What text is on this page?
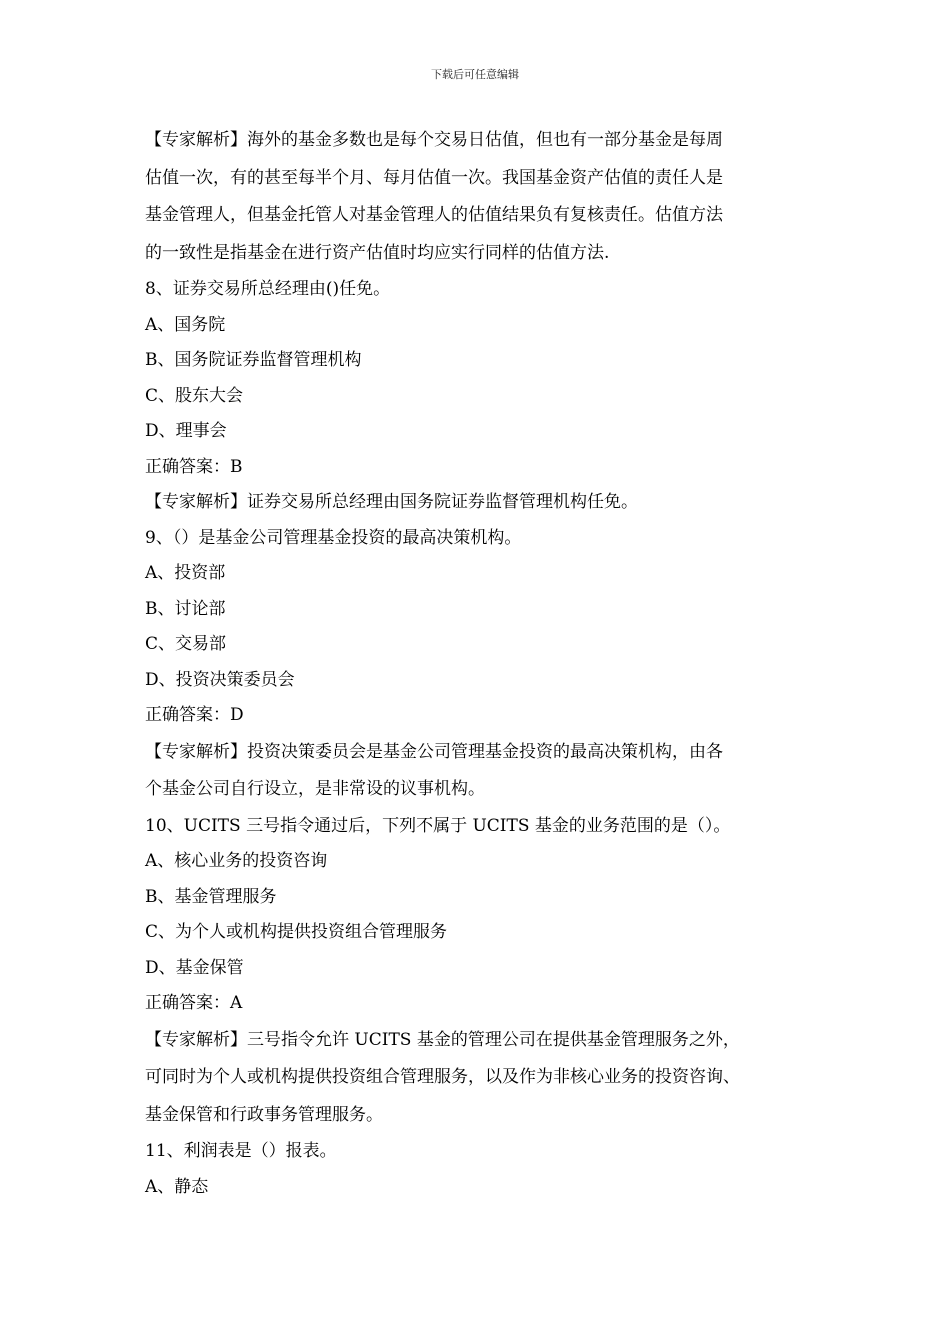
下载后可任意编辑
【专家解析】海外的基金多数也是每个交易日估值，但也有一部分基金是每周
估值一次，有的甚至每半个月、每月估值一次。我国基金资产估值的责任人是
基金管理人，但基金托管人对基金管理人的估值结果负有复核责任。估值方法
的一致性是指基金在进行资产估值时均应实行同样的估值方法.
8、证券交易所总经理由()任免。
A、国务院
B、国务院证券监督管理机构
C、股东大会
D、理事会
正确答案：B
【专家解析】证券交易所总经理由国务院证券监督管理机构任免。
9、（）是基金公司管理基金投资的最高决策机构。
A、投资部
B、讨论部
C、交易部
D、投资决策委员会
正确答案：D
【专家解析】投资决策委员会是基金公司管理基金投资的最高决策机构，由各
个基金公司自行设立，是非常设的议事机构。
10、UCITS 三号指令通过后，下列不属于 UCITS 基金的业务范围的是（）。
A、核心业务的投资咨询
B、基金管理服务
C、为个人或机构提供投资组合管理服务
D、基金保管
正确答案：A
【专家解析】三号指令允许 UCITS 基金的管理公司在提供基金管理服务之外，
可同时为个人或机构提供投资组合管理服务，以及作为非核心业务的投资咨询、
基金保管和行政事务管理服务。
11、利润表是（）报表。
A、静态
